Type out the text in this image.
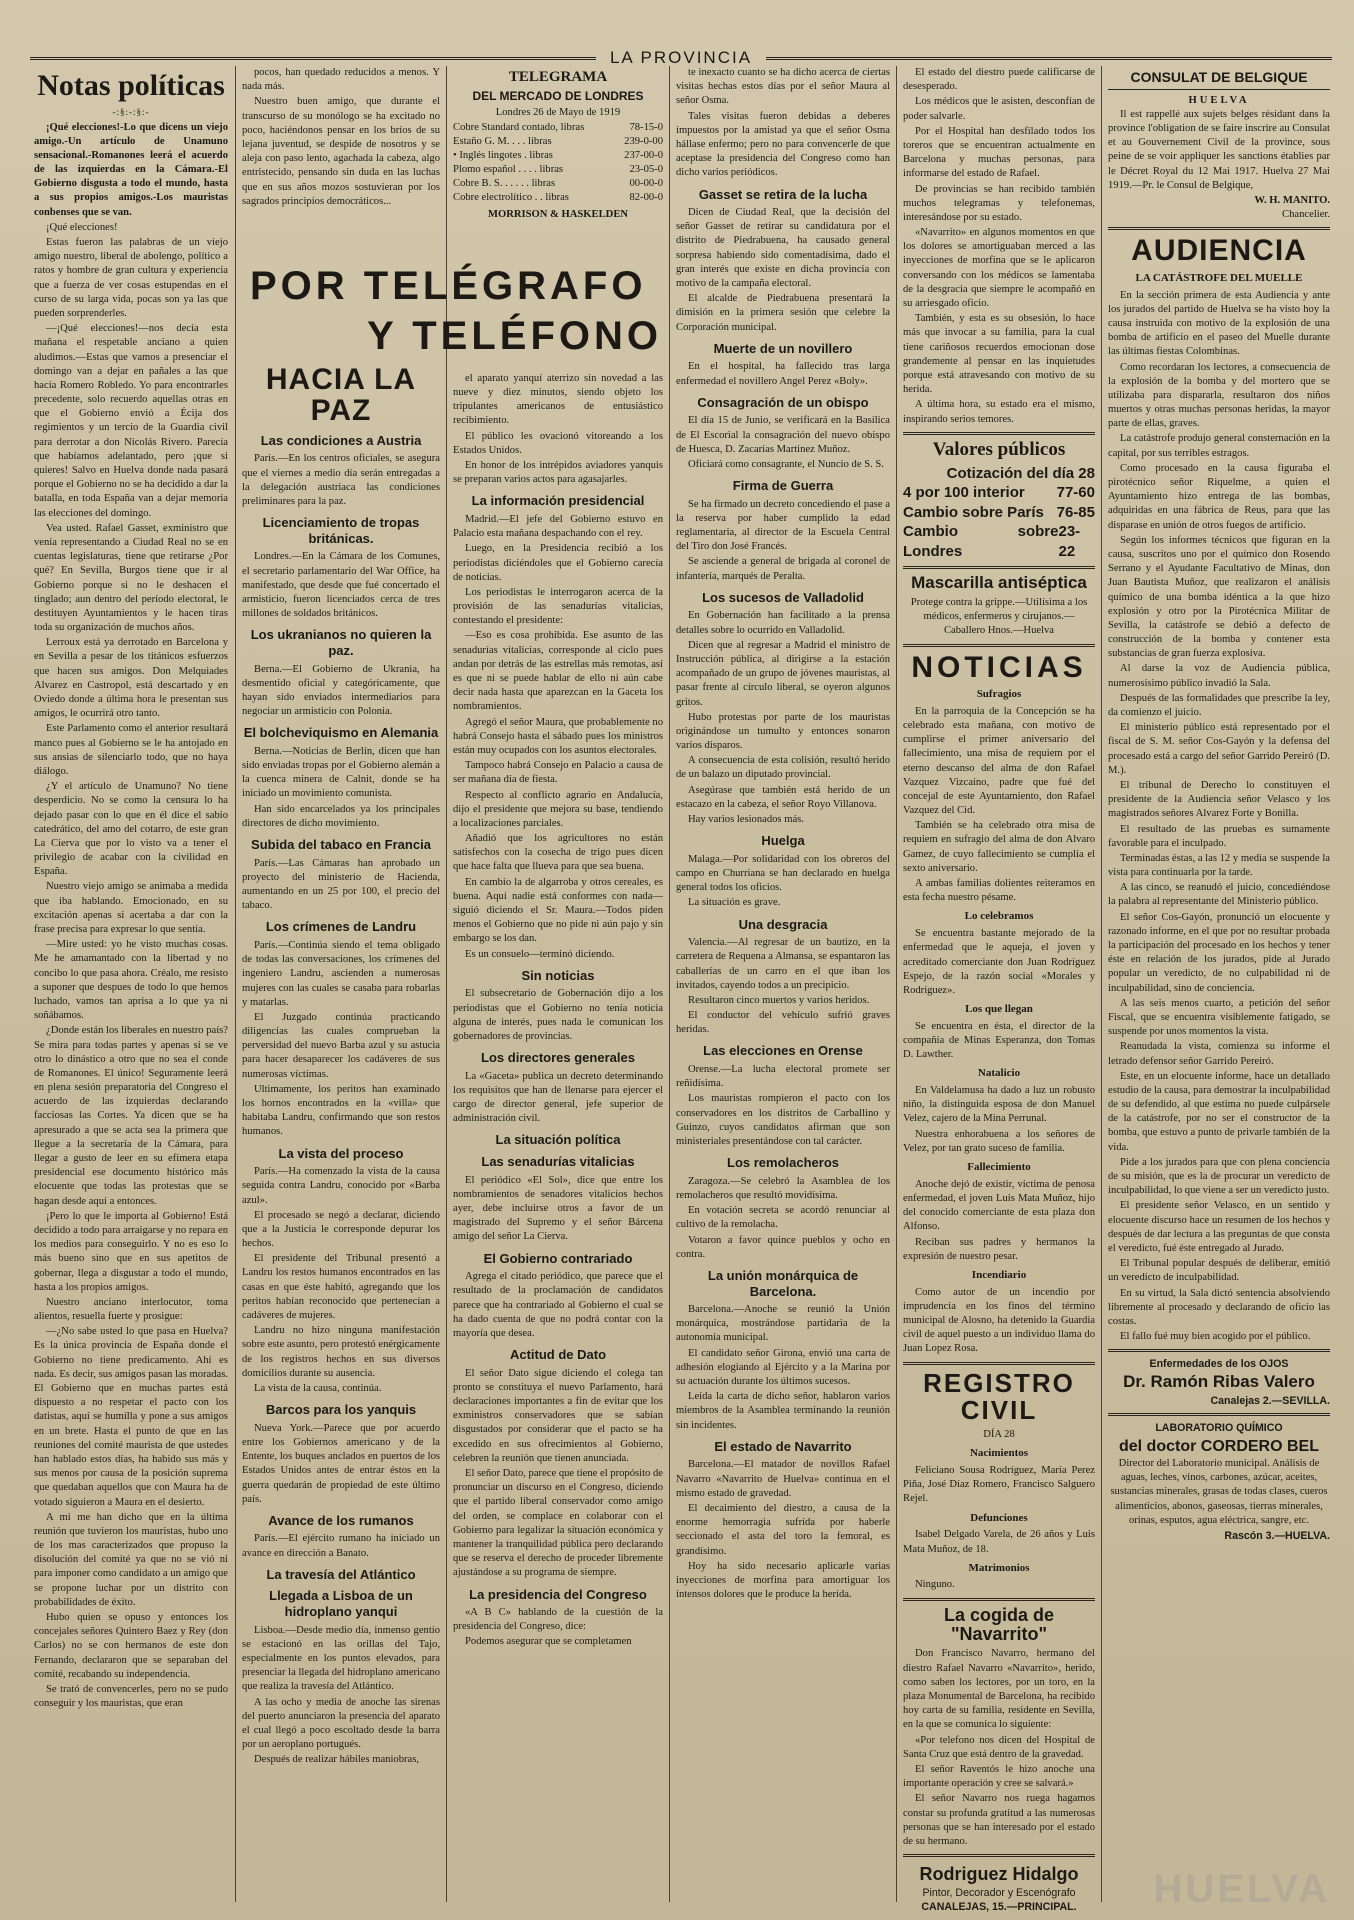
LA PROVINCIA
Notas políticas
-:§:-:§:-

¡Qué elecciones!-Lo que dicens un viejo amigo.-Un artículo de Unamuno sensacional.-Romanones leerá el acuerdo de las izquierdas en la Cámara.-El Gobierno disgusta a todo el mundo, hasta a sus propios amigos.-Los mauristas conbenses que se van.

¡Qué elecciones!

Estas fueron las palabras de un viejo amigo nuestro, liberal de abolengo, político a ratos y hombre de gran cultura y experiencia que a fuerza de ver cosas estupendas en el curso de su larga vida, pocas son ya las que pueden sorprenderles.

—¡Qué elecciones!—nos decía esta mañana el respetable anciano a quien aludimos.—Estas que vamos a presenciar el domingo van a dejar en pañales a las que hacía Romero Robledo. Yo para encontrarles precedente, solo recuerdo aquellas otras en que el Gobierno envió a Écija dos regimientos y un tercio de la Guardia civil para derrotar a don Nicolás Rivero. Parecía que habíamos adelantado, pero ¡que si quieres! Salvo en Huelva donde nada pasará porque el Gobierno no se ha decidido a dar la batalla, en toda España van a dejar memoria las elecciones del domingo.

Vea usted. Rafael Gasset, exministro que venía representando a Ciudad Real no se en cuentas legislaturas, tiene que retirarse ¿Por qué? En Sevilla, Burgos tiene que ir al Gobierno porque si no le deshacen el tinglado; aun dentro del período electoral, le destituyen Ayuntamientos y le hacen tiras toda su organización de muchos años.

Lerroux está ya derrotado en Barcelona y en Sevilla a pesar de los titánicos esfuerzos que hacen sus amigos. Don Melquiades Alvarez en Castropol, está descartado y en Oviedo donde a última hora le presentan sus amigos, le ocurrirá otro tanto.

Este Parlamento como el anterior resultará manco pues al Gobierno se le ha antojado en sus ansias de silenciarlo todo, que no haya diálogo.

¿Y el artículo de Unamuno? No tiene desperdicio. No se como la censura lo ha dejado pasar con lo que en él dice el sabio catedrático, del amo del cotarro, de este gran La Cierva que por lo visto va a tener el privilegio de acabar con la civilidad en España.

Nuestro viejo amigo se animaba a medida que iba hablando. Emocionado, en su excitación apenas si acertaba a dar con la frase precisa para expresar lo que sentía.

—Mire usted: yo he visto muchas cosas. Me he amamantado con la libertad y no concibo lo que pasa ahora. Créalo, me resisto a suponer que despues de todo lo que hemos luchado, vamos tan aprisa a lo que ya ni soñábamos.

¿Donde están los liberales en nuestro país? Se mira para todas partes y apenas si se ve otro lo dinástico a otro que no sea el conde de Romanones. El único! Seguramente leerá en plena sesión preparatoria del Congreso el acuerdo de las izquierdas declarando facciosas las Cortes. Ya dicen que se ha apresurado a que se acta sea la primera que llegue a la secretaría de la Cámara, para llegar a gusto de leer en su efímera etapa presidencial ese documento histórico más elocuente que todas las protestas que se hagan desde aquí a entonces.

¡Pero lo que le importa al Gobierno! Está decidido a todo para arraigarse y no repara en los medios para conseguirlo. Y no es eso lo más bueno sino que en sus apetitos de gobernar, llega a disgustar a todo el mundo, hasta a los propios amigos.

Nuestro anciano interlocutor, toma alientos, resuella fuerte y prosigue:

—¿No sabe usted lo que pasa en Huelva? Es la única provincia de España donde el Gobierno no tiene predicamento. Ahí es nada. Es decir, sus amigos pasan las moradas. El Gobierno que en muchas partes está dispuesto a no respetar el pacto con los datistas, aquí se humilla y pone a sus amigos en un brete. Hasta el punto de que en las reuniones del comité maurista de que ustedes han hablado estos días, ha habido sus más y sus menos por causa de la posición suprema que quedaban aquellos que con Maura ha de votado siguieron a Maura en el desierto.

A mi me han dicho que en la última reunión que tuvieron los mauristas, hubo uno de los mas caracterizados que propuso la disolución del comité ya que no se vió ni para imponer como candidato a un amigo que se propone luchar por un distrito con probabilidades de éxito.

Hubo quien se opuso y entonces los concejales señores Quintero Baez y Rey (don Carlos) no se con hermanos de este don Fernando, declararon que se separaban del comité, recabando su independencia.

Se trató de convencerles, pero no se pudo conseguir y los mauristas, que eran

pocos, han quedado reducidos a menos. Y nada más.

Nuestro buen amigo, que durante el transcurso de su monólogo se ha excitado no poco, haciéndonos pensar en los bríos de su lejana juventud, se despide de nosotros y se aleja con paso lento, agachada la cabeza, algo entristecido, pensando sin duda en las luchas que en sus años mozos sostuvieran por los sagrados principios democráticos...

HACIA LA PAZ
Las condiciones a Austria

Paris.—En los centros oficiales, se asegura que el viernes a medio día serán entregadas a la delegación austriaca las condiciones preliminares para la paz.

Licenciamiento de tropas británicas.

Londres.—En la Cámara de los Comunes, el secretario parlamentario del War Office, ha manifestado, que desde que fué concertado el armisticio, fueron licenciados cerca de tres millones de soldados británicos.

Los ukranianos no quieren la paz.

Berna.—El Gobierno de Ukrania, ha desmentido oficial y categóricamente, que hayan sido enviados intermediarios para negociar un armisticio con Polonia.

El bolcheviquismo en Alemania

Berna.—Noticias de Berlín, dicen que han sido enviadas tropas por el Gobierno alemán a la cuenca minera de Calnit, donde se ha iniciado un movimiento comunista.

Han sido encarcelados ya los principales directores de dicho movimiento.

Subida del tabaco en Francia

París.—Las Cámaras han aprobado un proyecto del ministerio de Hacienda, aumentando en un 25 por 100, el precio del tabaco.

Los crímenes de Landru

París.—Continúa siendo el tema obligado de todas las conversaciones, los crímenes del ingeniero Landru, ascienden a numerosas mujeres con las cuales se casaba para robarlas y matarlas.

El Juzgado continúa practicando diligencias las cuales comprueban la perversidad del nuevo Barba azul y su astucia para hacer desaparecer los cadáveres de sus numerosas víctimas.

Ultimamente, los peritos han examinado los hornos encontrados en la «villa» que habitaba Landru, confirmando que son restos humanos.

La vista del proceso

París.—Ha comenzado la vista de la causa seguida contra Landru, conocido por «Barba azul».

El procesado se negó a declarar, diciendo que a la Justicia le corresponde depurar los hechos.

El presidente del Tribunal presentó a Landru los restos humanos encontrados en las casas en que éste habitó, agregando que los peritos habían reconocido que pertenecían a cadáveres de mujeres.

Landru no hizo ninguna manifestación sobre este asunto, pero protestó enérgicamente de los registros hechos en sus diversos domicilios durante su ausencia.

La vista de la causa, continúa.

Barcos para los yanquis

Nueva York.—Parece que por acuerdo entre los Gobiernos americano y de la Entente, los buques anclados en puertos de los Estados Unidos antes de entrar éstos en la guerra quedarán de propiedad de este último país.

Avance de los rumanos

Paris.—El ejército rumano ha iniciado un avance en dirección a Banato.

La travesía del Atlántico
Llegada a Lisboa de un hidroplano yanqui

Lisboa.—Desde medio día, inmenso gentío se estacionó en las orillas del Tajo, especialmente en los puntos elevados, para presenciar la llegada del hidroplano americano que realiza la travesía del Atlántico.

A las ocho y media de anoche las sirenas del puerto anunciaron la presencia del aparato el cual llegó a poco escoltado desde la barra por un aeroplano portugués.

Después de realizar hábiles maniobras,

POR TELÉGRAFO
Y TELÉFONO
TELEGRAMA
DEL MERCADO DE LONDRES
Londres 26 de Mayo de 1919
Cobre Standard contado, libras	78-15-0
Estaño G. M. . . . libras	239-0-00
• Inglés lingotes . libras	237-00-0
Plomo español . . . . libras	23-05-0
Cobre B. S. . . . . . libras	00-00-0
Cobre electrolítico . . libras	82-00-0
MORRISON & HASKELDEN

el aparato yanquí aterrizo sin novedad a las nueve y diez minutos, siendo objeto los tripulantes americanos de entusiástico recibimiento.

El público les ovacionó vitoreando a los Estados Unidos.

En honor de los intrépidos aviadores yanquis se preparan varios actos para agasajarles.

La información presidencial

Madrid.—El jefe del Gobierno estuvo en Palacio esta mañana despachando con el rey.

Luego, en la Presidencia recibió a los periodistas diciéndoles que el Gobierno carecía de noticias.

Los periodistas le interrogaron acerca de la provisión de las senadurías vitalicias, contestando el presidente:

—Eso es cosa prohibida. Ese asunto de las senadurías vitalicias, corresponde al ciclo pues andan por detrás de las estrellas más remotas, así es que ni se puede hablar de ello ni aún cabe decir nada hasta que aparezcan en la Gaceta los nombramientos.

Agregó el señor Maura, que probablemente no habrá Consejo hasta el sábado pues los ministros están muy ocupados con los asuntos electorales.

Tampoco habrá Consejo en Palacio a causa de ser mañana día de fiesta.

Respecto al conflicto agrario en Andalucía, dijo el presidente que mejora su base, tendiendo a localizaciones parciales.

Añadió que los agricultores no están satisfechos con la cosecha de trigo pues dicen que hace falta que llueva para que sea buena.

En cambio la de algarroba y otros cereales, es buena. Aquí nadie está conformes con nada—siguió diciendo el Sr. Maura.—Todos piden menos el Gobierno que no pide ni aún pajo y sin embargo se los dan.

Es un consuelo—terminó diciendo.

Sin noticias

El subsecretario de Gobernación dijo a los periodistas que el Gobierno no tenía noticia alguna de interés, pues nada le comunican los gobernadores de provincias.

Los directores generales

La «Gaceta» publica un decreto determinando los requisitos que han de llenarse para ejercer el cargo de director general, jefe superior de administración civil.

La situación política
Las senadurías vitalicias

El periódico «El Sol», dice que entre los nombramientos de senadores vitalicios hechos ayer, debe incluirse otros a favor de un magistrado del Supremo y el señor Bárcena amigo del señor La Cierva.

El Gobierno contrariado

Agrega el citado periódico, que parece que el resultado de la proclamación de candidatos parece que ha contrariado al Gobierno el cual se ha dado cuenta de que no podrá contar con la mayoría que desea.

Actitud de Dato

El señor Dato sigue diciendo el colega tan pronto se constituya el nuevo Parlamento, hará declaraciones importantes a fin de evitar que los exministros conservadores que se sabían disgustados por considerar que el pacto se ha excedido en sus ofrecimientos al Gobierno, celebren la reunión que tienen anunciada.

El señor Dato, parece que tiene el propósito de pronunciar un discurso en el Congreso, diciendo que el partido liberal conservador como amigo del orden, se complace en colaborar con el Gobierno para legalizar la situación económica y mantener la tranquilidad pública pero declarando que se reserva el derecho de proceder libremente ajustándose a su programa de siempre.

La presidencia del Congreso

«A B C» hablando de la cuestión de la presidencia del Congreso, dice:

Podemos asegurar que se completamen

te inexacto cuanto se ha dicho acerca de ciertas visitas hechas estos días por el señor Maura al señor Osma.

Tales visitas fueron debidas a deberes impuestos por la amistad ya que el señor Osma hállase enfermo; pero no para convencerle de que aceptase la presidencia del Congreso como han dicho varios periódicos.

Gasset se retira de la lucha

Dicen de Ciudad Real, que la decisión del señor Gasset de retirar su candidatura por el distrito de Piedrabuena, ha causado general sorpresa habiendo sido comentadísima, dado el gran interés que existe en dicha provincia con motivo de la campaña electoral.

El alcalde de Piedrabuena presentará la dimisión en la primera sesión que celebre la Corporación municipal.

Muerte de un novillero

En el hospital, ha fallecido tras larga enfermedad el novillero Angel Perez «Boly».

Consagración de un obispo

El día 15 de Junio, se verificará en la Basílica de El Escorial la consagración del nuevo obispo de Huesca, D. Zacarías Martinez Muñoz.

Oficiará como consagrante, el Nuncio de S. S.

Firma de Guerra

Se ha firmado un decreto concediendo el pase a la reserva por haber cumplido la edad reglamentaria, al director de la Escuela Central del Tiro don José Francés.

Se asciende a general de brigada al coronel de infantería, marqués de Peralta.

Los sucesos de Valladolid

En Gobernación han facilitado a la prensa detalles sobre lo ocurrido en Valladolid.

Dicen que al regresar a Madrid el ministro de Instrucción pública, al dirigirse a la estación acompañado de un grupo de jóvenes mauristas, al pasar frente al círculo liberal, se oyeron algunos gritos.

Hubo protestas por parte de los mauristas originándose un tumulto y entonces sonaron varios disparos.

A consecuencia de esta colisión, resultó herido de un balazo un diputado provincial.

Asegúrase que también está herido de un estacazo en la cabeza, el señor Royo Villanova.

Hay varios lesionados más.

Huelga

Malaga.—Por solidaridad con los obreros del campo en Churriana se han declarado en huelga general todos los oficios.

La situación es grave.

Una desgracia

Valencia.—Al regresar de un bautizo, en la carretera de Requena a Almansa, se espantaron las caballerías de un carro en el que iban los invitados, cayendo todos a un precipicio.

Resultaron cinco muertos y varios heridos.

El conductor del vehículo sufrió graves heridas.

Las elecciones en Orense

Orense.—La lucha electoral promete ser reñidísima.

Los mauristas rompieron el pacto con los conservadores en los distritos de Carballino y Guinzo, cuyos candidatos afirman que son ministeriales presentándose con tal carácter.

Los remolacheros

Zaragoza.—Se celebró la Asamblea de los remolacheros que resultó movidísima.

En votación secreta se acordó renunciar al cultivo de la remolacha.

Votaron a favor quince pueblos y ocho en contra.

La unión monárquica de Barcelona.

Barcelona.—Anoche se reunió la Unión monárquica, mostrándose partidaria de la autonomía municipal.

El candidato señor Girona, envió una carta de adhesión elogiando al Ejército y a la Marina por su actuación durante los últimos sucesos.

Leída la carta de dicho señor, hablaron varios miembros de la Asamblea terminando la reunión sin incidentes.

El estado de Navarrito

Barcelona.—El matador de novillos Rafael Navarro «Navarrito de Huelva» continua en el mismo estado de gravedad.

El decaimiento del diestro, a causa de la enorme hemorragia sufrida por haberle seccionado el asta del toro la femoral, es grandísimo.

Hoy ha sido necesario aplicarle varias inyecciones de morfina para amortiguar los intensos dolores que le produce la herida.

El estado del diestro puede calificarse de desesperado.

Los médicos que le asisten, desconfían de poder salvarle.

Por el Hospital han desfilado todos los toreros que se encuentran actualmente en Barcelona y muchas personas, para informarse del estado de Rafael.

De provincias se han recibido también muchos telegramas y telefonemas, interesándose por su estado.

«Navarrito» en algunos momentos en que los dolores se amortiguaban merced a las inyecciones de morfina que se le aplicaron conversando con los médicos se lamentaba de la desgracia que siempre le acompañó en su arriesgado oficio.

También, y esta es su obsesión, lo hace más que invocar a su familia, para la cual tiene cariñosos recuerdos emocionan dose grandemente al pensar en las inquietudes porque está atravesando con motivo de su herida.

A última hora, su estado era el mismo, inspirando serios temores.

Valores públicos
Cotización del día 28
4 por 100 interior 77-60
Cambio sobre París 76-85
Cambio sobre Londres
23-22
Mascarilla antiséptica

Protege contra la grippe.—Utilísima a los médicos, enfermeros y cirujanos.— Caballero Hnos.—Huelva

NOTICIAS
Sufragios

En la parroquia de la Concepción se ha celebrado esta mañana, con motivo de cumplirse el primer aniversario del fallecimiento, una misa de requiem por el eterno descanso del alma de don Rafael Vazquez Vizcaíno, padre que fué del concejal de este Ayuntamiento, don Rafael Vazquez del Cid.

También se ha celebrado otra misa de requiem en sufragio del alma de don Alvaro Gamez, de cuyo fallecimiento se cumplía el sexto aniversario.

A ambas familias dolientes reiteramos en esta fecha nuestro pésame.

Lo celebramos

Se encuentra bastante mejorado de la enfermedad que le aqueja, el joven y acreditado comerciante don Juan Rodríguez Espejo, de la razón social «Morales y Rodríguez».

Los que llegan

Se encuentra en ésta, el director de la compañía de Minas Esperanza, don Tomas D. Lawther.

Natalicio

En Valdelamusa ha dado a luz un robusto niño, la distinguida esposa de don Manuel Velez, cajero de la Mina Perrunal.

Nuestra enhorabuena a los señores de Velez, por tan grato suceso de familia.

Fallecimiento

Anoche dejó de existir, víctima de penosa enfermedad, el joven Luis Mata Muñoz, hijo del conocido comerciante de esta plaza don Alfonso.

Reciban sus padres y hermanos la expresión de nuestro pesar.

Incendiario

Como autor de un incendio por imprudencia en los finos del término municipal de Alosno, ha detenido la Guardia civil de aquel puesto a un individuo llama do Juan Lopez Rosa.

REGISTRO CIVIL
DÍA 28
Nacimientos

Feliciano Sousa Rodríguez, María Perez Piña, José Díaz Romero, Francisco Salguero Rejel.

Defunciones

Isabel Delgado Varela, de 26 años y Luis Mata Muñoz, de 18.

Matrimonios

Ninguno.

La cogida de "Navarrito"

Don Francisco Navarro, hermano del diestro Rafael Navarro «Navarrito», herido, como saben los lectores, por un toro, en la plaza Monumental de Barcelona, ha recibido hoy carta de su familia, residente en Sevilla, en la que se comunica lo siguiente:

«Por telefono nos dicen del Hospital de Santa Cruz que está dentro de la gravedad.

El señor Raventós le hizo anoche una importante operación y cree se salvará.»

El señor Navarro nos ruega hagamos constar su profunda gratitud a las numerosas personas que se han interesado por el estado de su hermano.

Rodriguez Hidalgo
Pintor, Decorador y Escenógrafo
CANALEJAS, 15.—PRINCIPAL.
CONSULAT DE BELGIQUE
HUELVA

Il est rappellé aux sujets belges résidant dans la province l'obligation de se faire inscrire au Consulat et au Gouvernement Civil de la province, sous peine de se voir appliquer les sanctions établies par le Décret Royal du 12 Mai 1917. Huelva 27 Mai 1919.—Pr. le Consul de Belgique,

W. H. MANITO.
Chancelier.
AUDIENCIA
LA CATÁSTROFE DEL MUELLE

En la sección primera de esta Audiencia y ante los jurados del partido de Huelva se ha visto hoy la causa instruida con motivo de la explosión de una bomba de artificio en el paseo del Muelle durante las últimas fiestas Colombinas.

Como recordaran los lectores, a consecuencia de la explosión de la bomba y del mortero que se utilizaba para dispararla, resultaron dos niños muertos y otras muchas personas heridas, la mayor parte de ellas, graves.

La catástrofe produjo general consternación en la capital, por sus terribles estragos.

Como procesado en la causa figuraba el pirotécnico señor Riquelme, a quien el Ayuntamiento hizo entrega de las bombas, adquiridas en una fábrica de Reus, para que las disparase en unión de otros fuegos de artificio.

Según los informes técnicos que figuran en la causa, suscritos uno por el químico don Rosendo Serrano y el Ayudante Facultativo de Minas, don Juan Bautista Muñoz, que realizaron el análisis químico de una bomba idéntica a la que hizo explosión y otro por la Pirotécnica Militar de Sevilla, la catástrofe se debió a defecto de construcción de la bomba y contener esta substancias de gran fuerza explosiva.

Al darse la voz de Audiencia pública, numerosísimo público invadió la Sala.

Después de las formalidades que prescribe la ley, da comienzo el juicio.

El ministerio público está representado por el fiscal de S. M. señor Cos-Gayón y la defensa del procesado está a cargo del señor Garrido Pereiró (D. M.).

El tribunal de Derecho lo constituyen el presidente de la Audiencia señor Velasco y los magistrados señores Alvarez Forte y Bonilla.

El resultado de las pruebas es sumamente favorable para el inculpado.

Terminadas éstas, a las 12 y media se suspende la vista para continuarla por la tarde.

A las cinco, se reanudó el juicio, concediéndose la palabra al representante del Ministerio público.

El señor Cos-Gayón, pronunció un elocuente y razonado informe, en el que por no resultar probada la participación del procesado en los hechos y tener éste en relación de los jurados, pide al Jurado popular un veredicto, de no culpabilidad ni de inculpabilidad, sino de conciencia.

A las seis menos cuarto, a petición del señor Fiscal, que se encuentra visiblemente fatigado, se suspende por unos momentos la vista.

Reanudada la vista, comienza su informe el letrado defensor señor Garrido Pereiró.

Este, en un elocuente informe, hace un detallado estudio de la causa, para demostrar la inculpabilidad de su defendido, al que estima no puede culpársele de la catástrofe, por no ser el constructor de la bomba, que estuvo a punto de privarle también de la vida.

Pide a los jurados para que con plena conciencia de su misión, que es la de procurar un veredicto de inculpabilidad, lo que viene a ser un veredicto justo.

El presidente señor Velasco, en un sentido y elocuente discurso hace un resumen de los hechos y después de dar lectura a las preguntas de que consta el veredicto, fué éste entregado al Jurado.

El Tribunal popular después de deliberar, emitió un veredicto de inculpabilidad.

En su virtud, la Sala dictó sentencia absolviendo libremente al procesado y declarando de oficio las costas.

El fallo fué muy bien acogido por el público.

Enfermedades de los OJOS
Dr. Ramón Ribas Valero
Canalejas 2.—SEVILLA.
LABORATORIO QUÍMICO
del doctor CORDERO BEL

Director del Laboratorio municipal. Análisis de aguas, leches, vinos, carbones, azúcar, aceites, sustancias minerales, grasas de todas clases, cueros alimenticios, abonos, gaseosas, tierras minerales, orinas, esputos, agua eléctrica, sangre, etc.

Rascón 3.—HUELVA.
HUELVA
